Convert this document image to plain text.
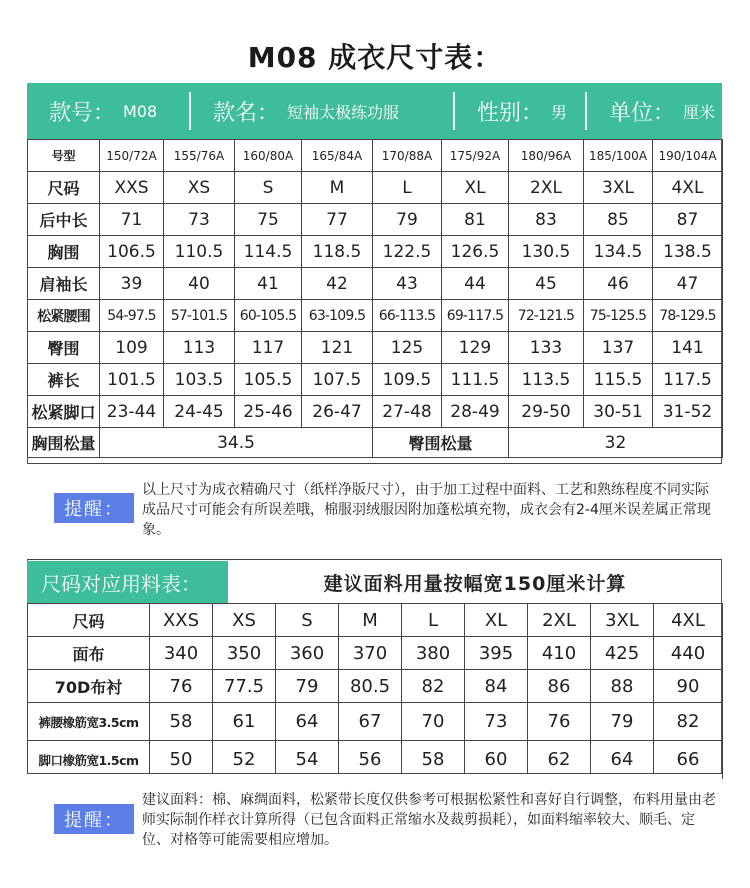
M08 成衣尺寸表：
款号： M08	款名： 短袖太极练功服	性别： 男 单位： 厘米
号型	150/72A	155/76A	160/80A	165/84A	170/88A	175/92A	180/96A	185/100A	190/104A
尺码	XXS	XS	S	M	L	XL	2XL	3XL	4XL
后中长	71	73	75	77	79	81	83	85	87
胸围	106.5	110.5	114.5	118.5	122.5	126.5	130.5	134.5	138.5
肩袖长	39	40	41	42	43	44	45	46	47
松紧腰围	54-97.5	57-101.5	60-105.5	63-109.5	66-113.5	69-117.5	72-121.5	75-125.5	78-129.5
臀围	109	113	117	121	125	129	133	137	141
裤长	101.5	103.5	105.5	107.5	109.5	111.5	113.5	115.5	117.5
松紧脚口	23-44	24-45	25-46	26-47	27-48	28-49	29-50	30-51	31-52
胸围松量	34.5				臀围松量		32		
提醒：
以上尺寸为成衣精确尺寸（纸样净版尺寸），由于加工过程中面料、工艺和熟练程度不同实际成品尺寸可能会有所误差哦，棉服羽绒服因附加蓬松填充物，成衣会有2-4厘米误差属正常现象。
尺码对应用料表：	建议面料用量按幅宽150厘米计算
尺码	XXS	XS	S	M	L	XL	2XL	3XL	4XL
面布	340	350	360	370	380	395	410	425	440
70D布衬	76	77.5	79	80.5	82	84	86	88	90
裤腰橡筋宽3.5cm	58	61	64	67	70	73	76	79	82
脚口橡筋宽1.5cm	50	52	54	56	58	60	62	64	66
提醒：
建议面料：棉、麻绸面料，松紧带长度仅供参考可根据松紧性和喜好自行调整，布料用量由老师实际制作样衣计算所得（已包含面料正常缩水及裁剪损耗），如面料缩率较大、顺毛、定位、对格等可能需要相应增加。
